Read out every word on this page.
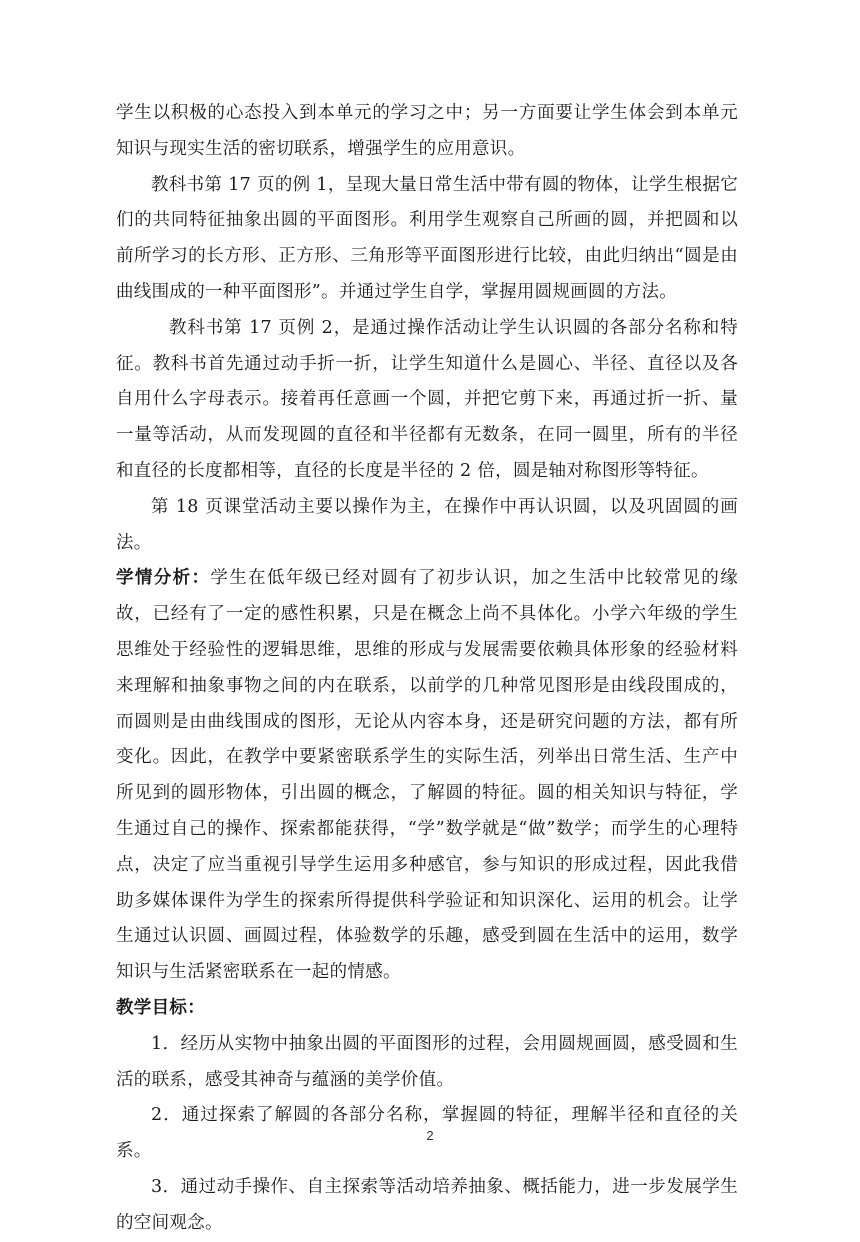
学生以积极的心态投入到本单元的学习之中；另一方面要让学生体会到本单元知识与现实生活的密切联系，增强学生的应用意识。

教科书第 17 页的例 1，呈现大量日常生活中带有圆的物体，让学生根据它们的共同特征抽象出圆的平面图形。利用学生观察自己所画的圆，并把圆和以前所学习的长方形、正方形、三角形等平面图形进行比较，由此归纳出“圆是由曲线围成的一种平面图形”。并通过学生自学，掌握用圆规画圆的方法。

教科书第 17 页例 2，是通过操作活动让学生认识圆的各部分名称和特征。教科书首先通过动手折一折，让学生知道什么是圆心、半径、直径以及各自用什么字母表示。接着再任意画一个圆，并把它剪下来，再通过折一折、量一量等活动，从而发现圆的直径和半径都有无数条，在同一圆里，所有的半径和直径的长度都相等，直径的长度是半径的 2 倍，圆是轴对称图形等特征。

第 18 页课堂活动主要以操作为主，在操作中再认识圆，以及巩固圆的画法。

学情分析：学生在低年级已经对圆有了初步认识，加之生活中比较常见的缘故，已经有了一定的感性积累，只是在概念上尚不具体化。小学六年级的学生思维处于经验性的逻辑思维，思维的形成与发展需要依赖具体形象的经验材料来理解和抽象事物之间的内在联系，以前学的几种常见图形是由线段围成的，而圆则是由曲线围成的图形，无论从内容本身，还是研究问题的方法，都有所变化。因此，在教学中要紧密联系学生的实际生活，列举出日常生活、生产中所见到的圆形物体，引出圆的概念，了解圆的特征。圆的相关知识与特征，学生通过自己的操作、探索都能获得，“学”数学就是“做”数学；而学生的心理特点，决定了应当重视引导学生运用多种感官，参与知识的形成过程，因此我借助多媒体课件为学生的探索所得提供科学验证和知识深化、运用的机会。让学生通过认识圆、画圆过程，体验数学的乐趣，感受到圆在生活中的运用，数学知识与生活紧密联系在一起的情感。

教学目标：

1．经历从实物中抽象出圆的平面图形的过程，会用圆规画圆，感受圆和生活的联系，感受其神奇与蕴涵的美学价值。

2．通过探索了解圆的各部分名称，掌握圆的特征，理解半径和直径的关系。

3．通过动手操作、自主探索等活动培养抽象、概括能力，进一步发展学生的空间观念。

2
